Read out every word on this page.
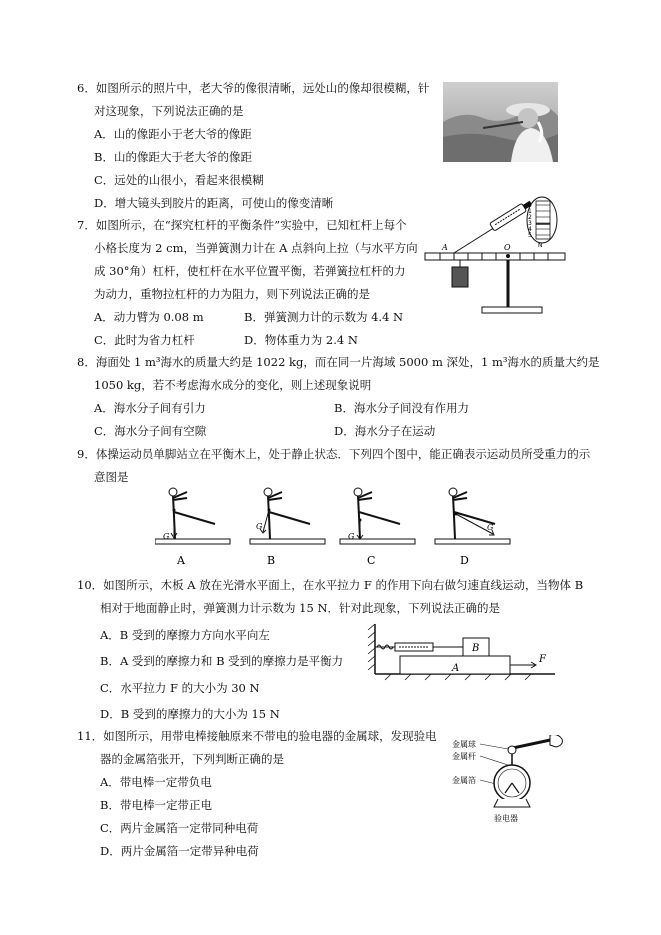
6．如图所示的照片中，老大爷的像很清晰，远处山的像却很模糊，针
对这现象，下列说法正确的是
A．山的像距小于老大爷的像距
B．山的像距大于老大爷的像距
C．远处的山很小，看起来很模糊
D．增大镜头到胶片的距离，可使山的像变清晰
7．如图所示，在“探究杠杆的平衡条件”实验中，已知杠杆上每个
小格长度为 2 cm，当弹簧测力计在 A 点斜向上拉（与水平方向
成 30°角）杠杆，使杠杆在水平位置平衡，若弹簧拉杠杆的力
为动力，重物拉杠杆的力为阻力，则下列说法正确的是
A．动力臂为 0.08 m	B．弹簧测力计的示数为 4.4 N
C．此时为省力杠杆	D．物体重力为 2.4 N
O
A
0
1
2
3
4
5
N
8．海面处 1 m³海水的质量大约是 1022 kg，而在同一片海域 5000 m 深处，1 m³海水的质量大约是
1050 kg，若不考虑海水成分的变化，则上述现象说明
A．海水分子间有引力	B．海水分子间没有作用力
C．海水分子间有空隙	D．海水分子在运动
9．体操运动员单脚站立在平衡木上，处于静止状态．下列四个图中，能正确表示运动员所受重力的示
意图是
G
A
G
B
G
C
G
D
10．如图所示，木板 A 放在光滑水平面上，在水平拉力 F 的作用下向右做匀速直线运动，当物体 B
相对于地面静止时，弹簧测力计示数为 15 N．针对此现象，下列说法正确的是
A．B 受到的摩擦力方向水平向左
B．A 受到的摩擦力和 B 受到的摩擦力是平衡力
C．水平拉力 F 的大小为 30 N
D．B 受到的摩擦力的大小为 15 N
A
B
F
11．如图所示，用带电棒接触原来不带电的验电器的金属球，发现验电
器的金属箔张开，下列判断正确的是
A．带电棒一定带负电
B．带电棒一定带正电
C．两片金属箔一定带同种电荷
D．两片金属箔一定带异种电荷
金属球
金属杆
金属箔
验电器
